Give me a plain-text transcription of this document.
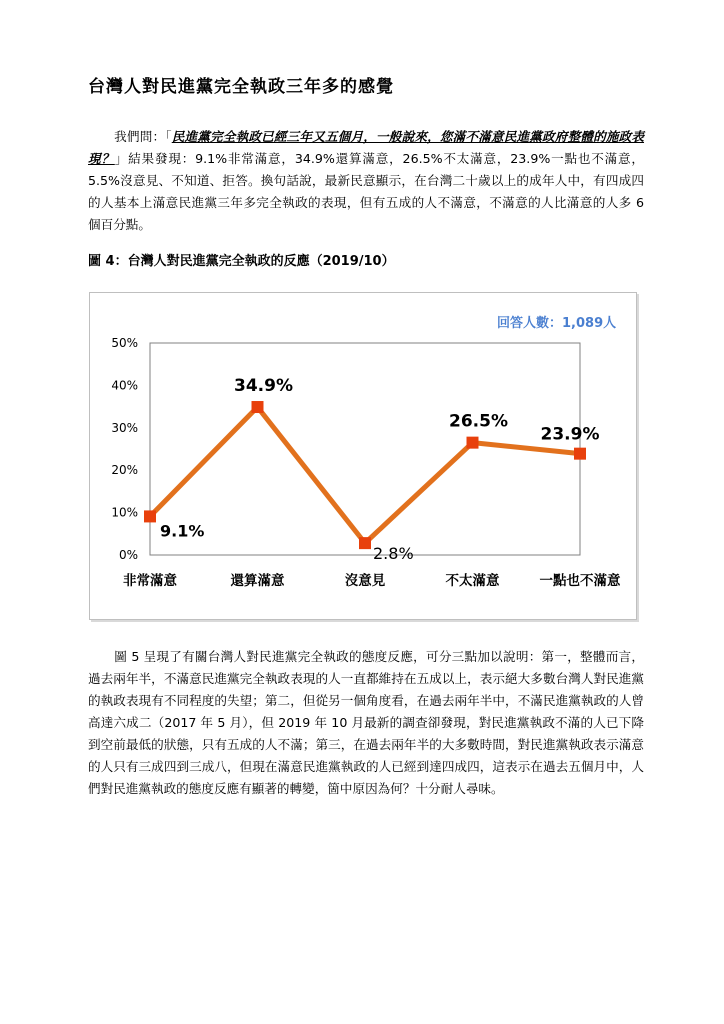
台灣人對民進黨完全執政三年多的感覺
我們問：「民進黨完全執政已經三年又五個月，一般說來，您滿不滿意民進黨政府整體的施政表現？」結果發現：9.1%非常滿意，34.9%還算滿意，26.5%不太滿意，23.9%一點也不滿意，5.5%沒意見、不知道、拒答。換句話說，最新民意顯示，在台灣二十歲以上的成年人中，有四成四的人基本上滿意民進黨三年多完全執政的表現，但有五成的人不滿意，不滿意的人比滿意的人多 6 個百分點。
圖 4：台灣人對民進黨完全執政的反應（2019/10）
0%
10%
20%
30%
40%
50%
非常滿意	還算滿意	沒意見	不太滿意	一點也不滿意
9.1%
34.9%
2.8%
26.5%
23.9%
回答人數：1,089人
圖 5 呈現了有關台灣人對民進黨完全執政的態度反應，可分三點加以說明：第一，整體而言，過去兩年半，不滿意民進黨完全執政表現的人一直都維持在五成以上，表示絕大多數台灣人對民進黨的執政表現有不同程度的失望；第二，但從另一個角度看，在過去兩年半中，不滿民進黨執政的人曾高達六成二（2017 年 5 月），但 2019 年 10 月最新的調查卻發現，對民進黨執政不滿的人已下降到空前最低的狀態，只有五成的人不滿；第三，在過去兩年半的大多數時間，對民進黨執政表示滿意的人只有三成四到三成八，但現在滿意民進黨執政的人已經到達四成四，這表示在過去五個月中，人們對民進黨執政的態度反應有顯著的轉變，箇中原因為何？十分耐人尋味。
